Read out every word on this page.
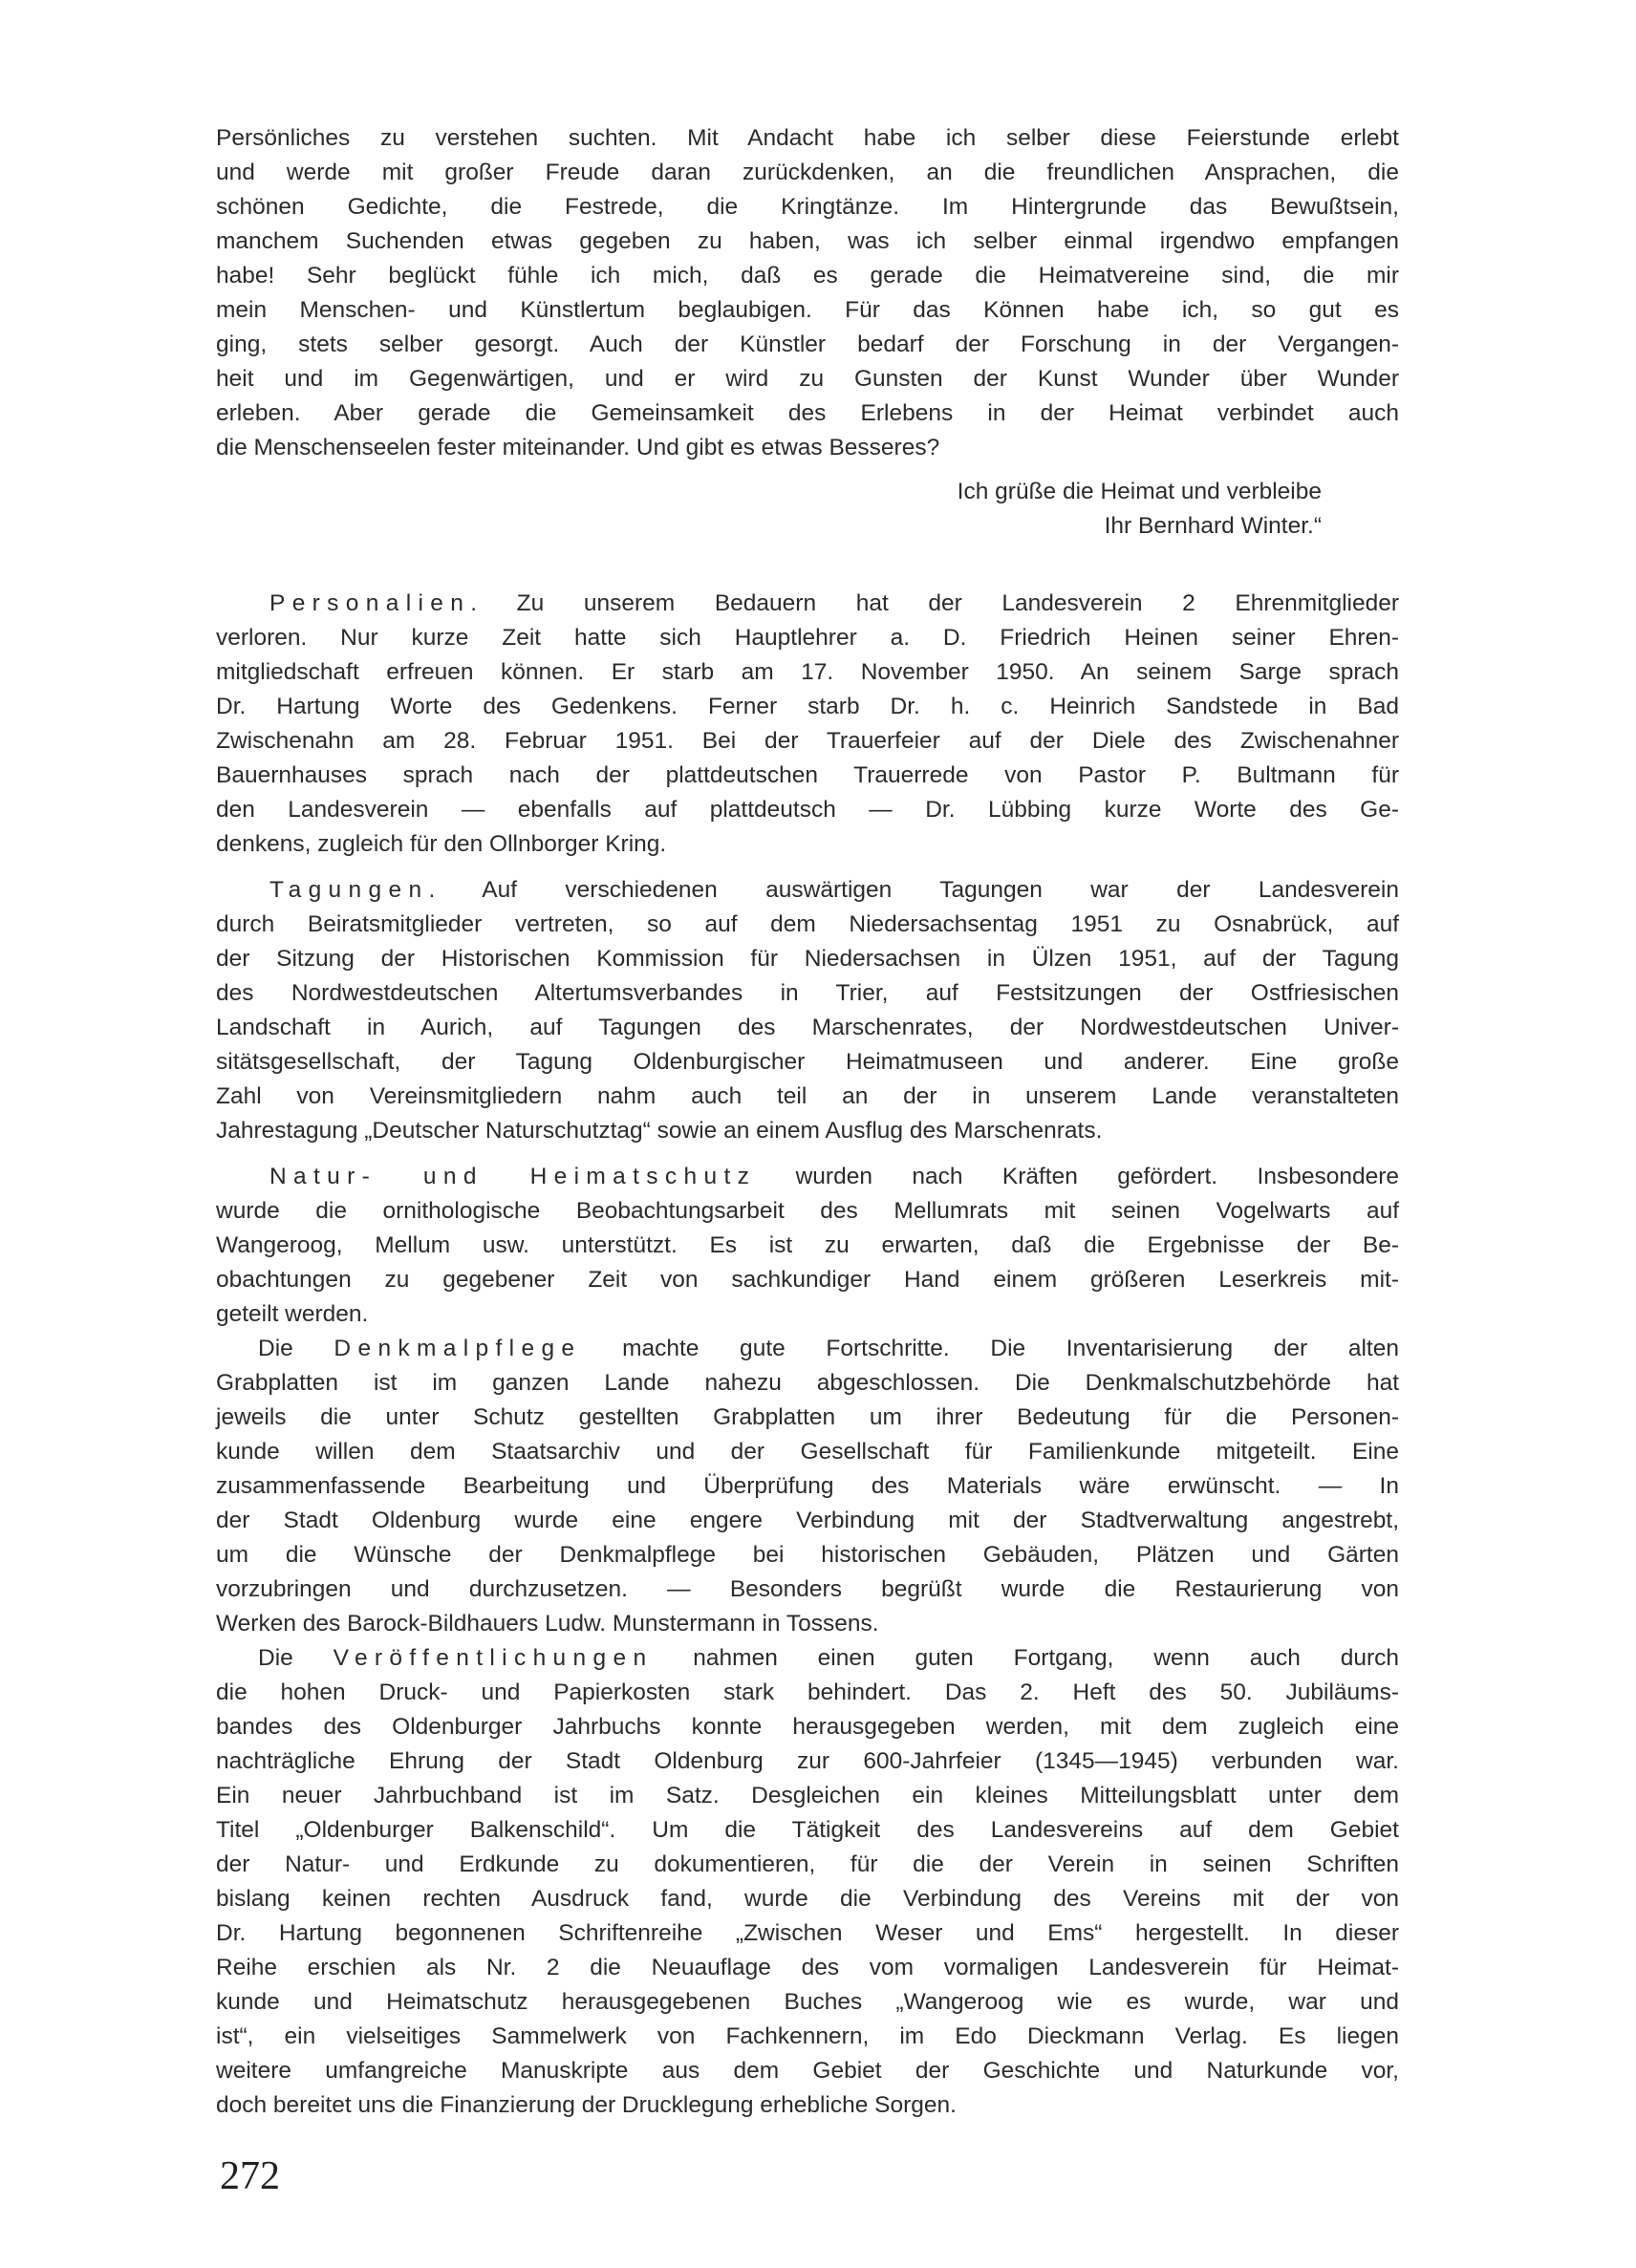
Persönliches zu verstehen suchten. Mit Andacht habe ich selber diese Feierstunde erlebt
und werde mit großer Freude daran zurückdenken, an die freundlichen Ansprachen, die
schönen Gedichte, die Festrede, die Kringtänze. Im Hintergrunde das Bewußtsein,
manchem Suchenden etwas gegeben zu haben, was ich selber einmal irgendwo empfangen
habe! Sehr beglückt fühle ich mich, daß es gerade die Heimatvereine sind, die mir
mein Menschen- und Künstlertum beglaubigen. Für das Können habe ich, so gut es
ging, stets selber gesorgt. Auch der Künstler bedarf der Forschung in der Vergangen-
heit und im Gegenwärtigen, und er wird zu Gunsten der Kunst Wunder über Wunder
erleben. Aber gerade die Gemeinsamkeit des Erlebens in der Heimat verbindet auch
die Menschenseelen fester miteinander. Und gibt es etwas Besseres?
Ich grüße die Heimat und verbleibe
Ihr Bernhard Winter.“
Personalien. Zu unserem Bedauern hat der Landesverein 2 Ehrenmitglieder
verloren. Nur kurze Zeit hatte sich Hauptlehrer a. D. Friedrich Heinen seiner Ehren-
mitgliedschaft erfreuen können. Er starb am 17. November 1950. An seinem Sarge sprach
Dr. Hartung Worte des Gedenkens. Ferner starb Dr. h. c. Heinrich Sandstede in Bad
Zwischenahn am 28. Februar 1951. Bei der Trauerfeier auf der Diele des Zwischenahner
Bauernhauses sprach nach der plattdeutschen Trauerrede von Pastor P. Bultmann für
den Landesverein — ebenfalls auf plattdeutsch — Dr. Lübbing kurze Worte des Ge-
denkens, zugleich für den Ollnborger Kring.
Tagungen. Auf verschiedenen auswärtigen Tagungen war der Landesverein
durch Beiratsmitglieder vertreten, so auf dem Niedersachsentag 1951 zu Osnabrück, auf
der Sitzung der Historischen Kommission für Niedersachsen in Ülzen 1951, auf der Tagung
des Nordwestdeutschen Altertumsverbandes in Trier, auf Festsitzungen der Ostfriesischen
Landschaft in Aurich, auf Tagungen des Marschenrates, der Nordwestdeutschen Univer-
sitätsgesellschaft, der Tagung Oldenburgischer Heimatmuseen und anderer. Eine große
Zahl von Vereinsmitgliedern nahm auch teil an der in unserem Lande veranstalteten
Jahrestagung „Deutscher Naturschutztag“ sowie an einem Ausflug des Marschenrats.
Natur- und Heimatschutz wurden nach Kräften gefördert. Insbesondere
wurde die ornithologische Beobachtungsarbeit des Mellumrats mit seinen Vogelwarts auf
Wangeroog, Mellum usw. unterstützt. Es ist zu erwarten, daß die Ergebnisse der Be-
obachtungen zu gegebener Zeit von sachkundiger Hand einem größeren Leserkreis mit-
geteilt werden.
Die Denkmalpflege machte gute Fortschritte. Die Inventarisierung der alten
Grabplatten ist im ganzen Lande nahezu abgeschlossen. Die Denkmalschutzbehörde hat
jeweils die unter Schutz gestellten Grabplatten um ihrer Bedeutung für die Personen-
kunde willen dem Staatsarchiv und der Gesellschaft für Familienkunde mitgeteilt. Eine
zusammenfassende Bearbeitung und Überprüfung des Materials wäre erwünscht. — In
der Stadt Oldenburg wurde eine engere Verbindung mit der Stadtverwaltung angestrebt,
um die Wünsche der Denkmalpflege bei historischen Gebäuden, Plätzen und Gärten
vorzubringen und durchzusetzen. — Besonders begrüßt wurde die Restaurierung von
Werken des Barock-Bildhauers Ludw. Munstermann in Tossens.
Die Veröffentlichungen nahmen einen guten Fortgang, wenn auch durch
die hohen Druck- und Papierkosten stark behindert. Das 2. Heft des 50. Jubiläums-
bandes des Oldenburger Jahrbuchs konnte herausgegeben werden, mit dem zugleich eine
nachträgliche Ehrung der Stadt Oldenburg zur 600-Jahrfeier (1345—1945) verbunden war.
Ein neuer Jahrbuchband ist im Satz. Desgleichen ein kleines Mitteilungsblatt unter dem
Titel „Oldenburger Balkenschild“. Um die Tätigkeit des Landesvereins auf dem Gebiet
der Natur- und Erdkunde zu dokumentieren, für die der Verein in seinen Schriften
bislang keinen rechten Ausdruck fand, wurde die Verbindung des Vereins mit der von
Dr. Hartung begonnenen Schriftenreihe „Zwischen Weser und Ems“ hergestellt. In dieser
Reihe erschien als Nr. 2 die Neuauflage des vom vormaligen Landesverein für Heimat-
kunde und Heimatschutz herausgegebenen Buches „Wangeroog wie es wurde, war und
ist“, ein vielseitiges Sammelwerk von Fachkennern, im Edo Dieckmann Verlag. Es liegen
weitere umfangreiche Manuskripte aus dem Gebiet der Geschichte und Naturkunde vor,
doch bereitet uns die Finanzierung der Drucklegung erhebliche Sorgen.
272
